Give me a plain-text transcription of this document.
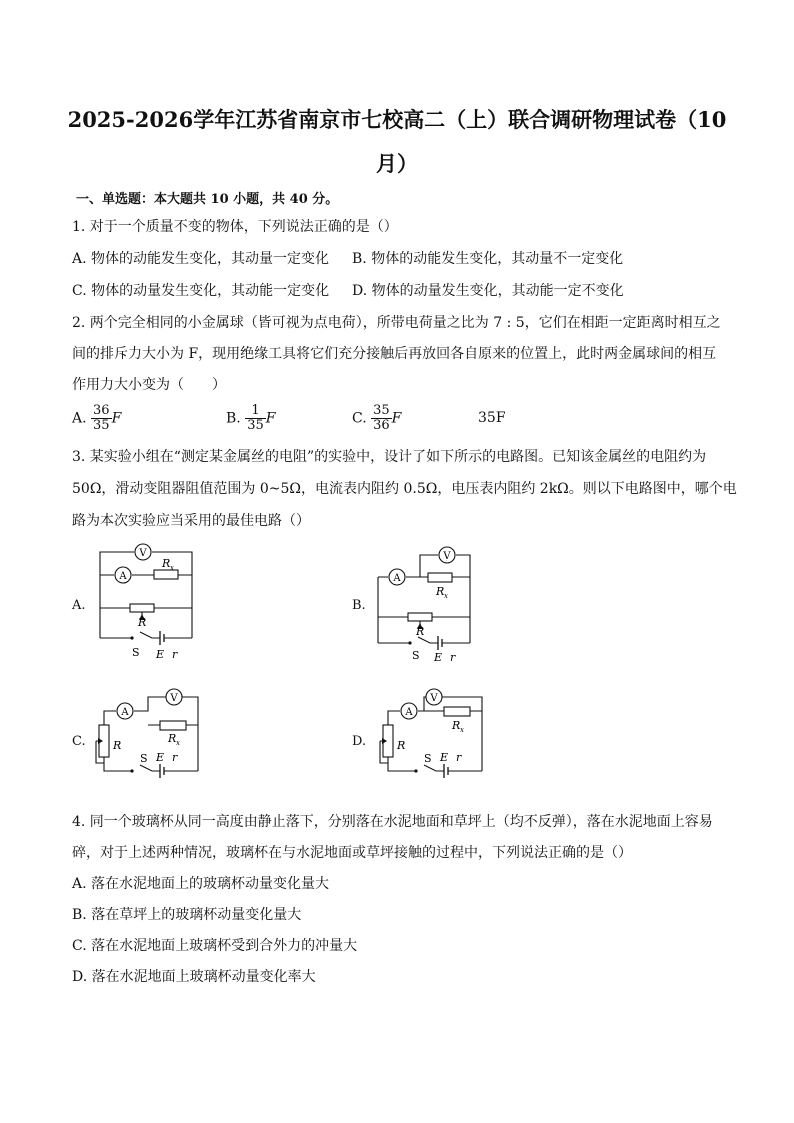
2025-2026学年江苏省南京市七校高二（上）联合调研物理试卷（10
月）
一、单选题：本大题共 10 小题，共 40 分。
1. 对于一个质量不变的物体，下列说法正确的是（）
A. 物体的动能发生变化，其动量一定变化 B. 物体的动能发生变化，其动量不一定变化
C. 物体的动量发生变化，其动能一定变化 D. 物体的动量发生变化，其动能一定不变化
2. 两个完全相同的小金属球（皆可视为点电荷），所带电荷量之比为 7 : 5，它们在相距一定距离时相互之
间的排斥力大小为 F，现用绝缘工具将它们充分接触后再放回各自原来的位置上，此时两金属球间的相互
作用力大小变为（　　）
A. $\frac{36}{35}$ F	B. $\frac{1}{35}$ F	C. $\frac{35}{36}$ F	35F
3. 某实验小组在“测定某金属丝的电阻”的实验中，设计了如下所示的电路图。已知该金属丝的电阻约为
50Ω，滑动变阻器阻值范围为 0~5Ω，电流表内阻约 0.5Ω，电压表内阻约 2kΩ。则以下电路图中，哪个电
路为本次实验应当采用的最佳电路（）
A.	B.
C.	D.
V
A
R x
R
S E r
V
A
R x
R
S E r
V
A
R x
R
S E r
V
A
R x
R
S E r
4. 同一个玻璃杯从同一高度由静止落下，分别落在水泥地面和草坪上（均不反弹），落在水泥地面上容易
碎，对于上述两种情况，玻璃杯在与水泥地面或草坪接触的过程中，下列说法正确的是（）
A. 落在水泥地面上的玻璃杯动量变化量大
B. 落在草坪上的玻璃杯动量变化量大
C. 落在水泥地面上玻璃杯受到合外力的冲量大
D. 落在水泥地面上玻璃杯动量变化率大
